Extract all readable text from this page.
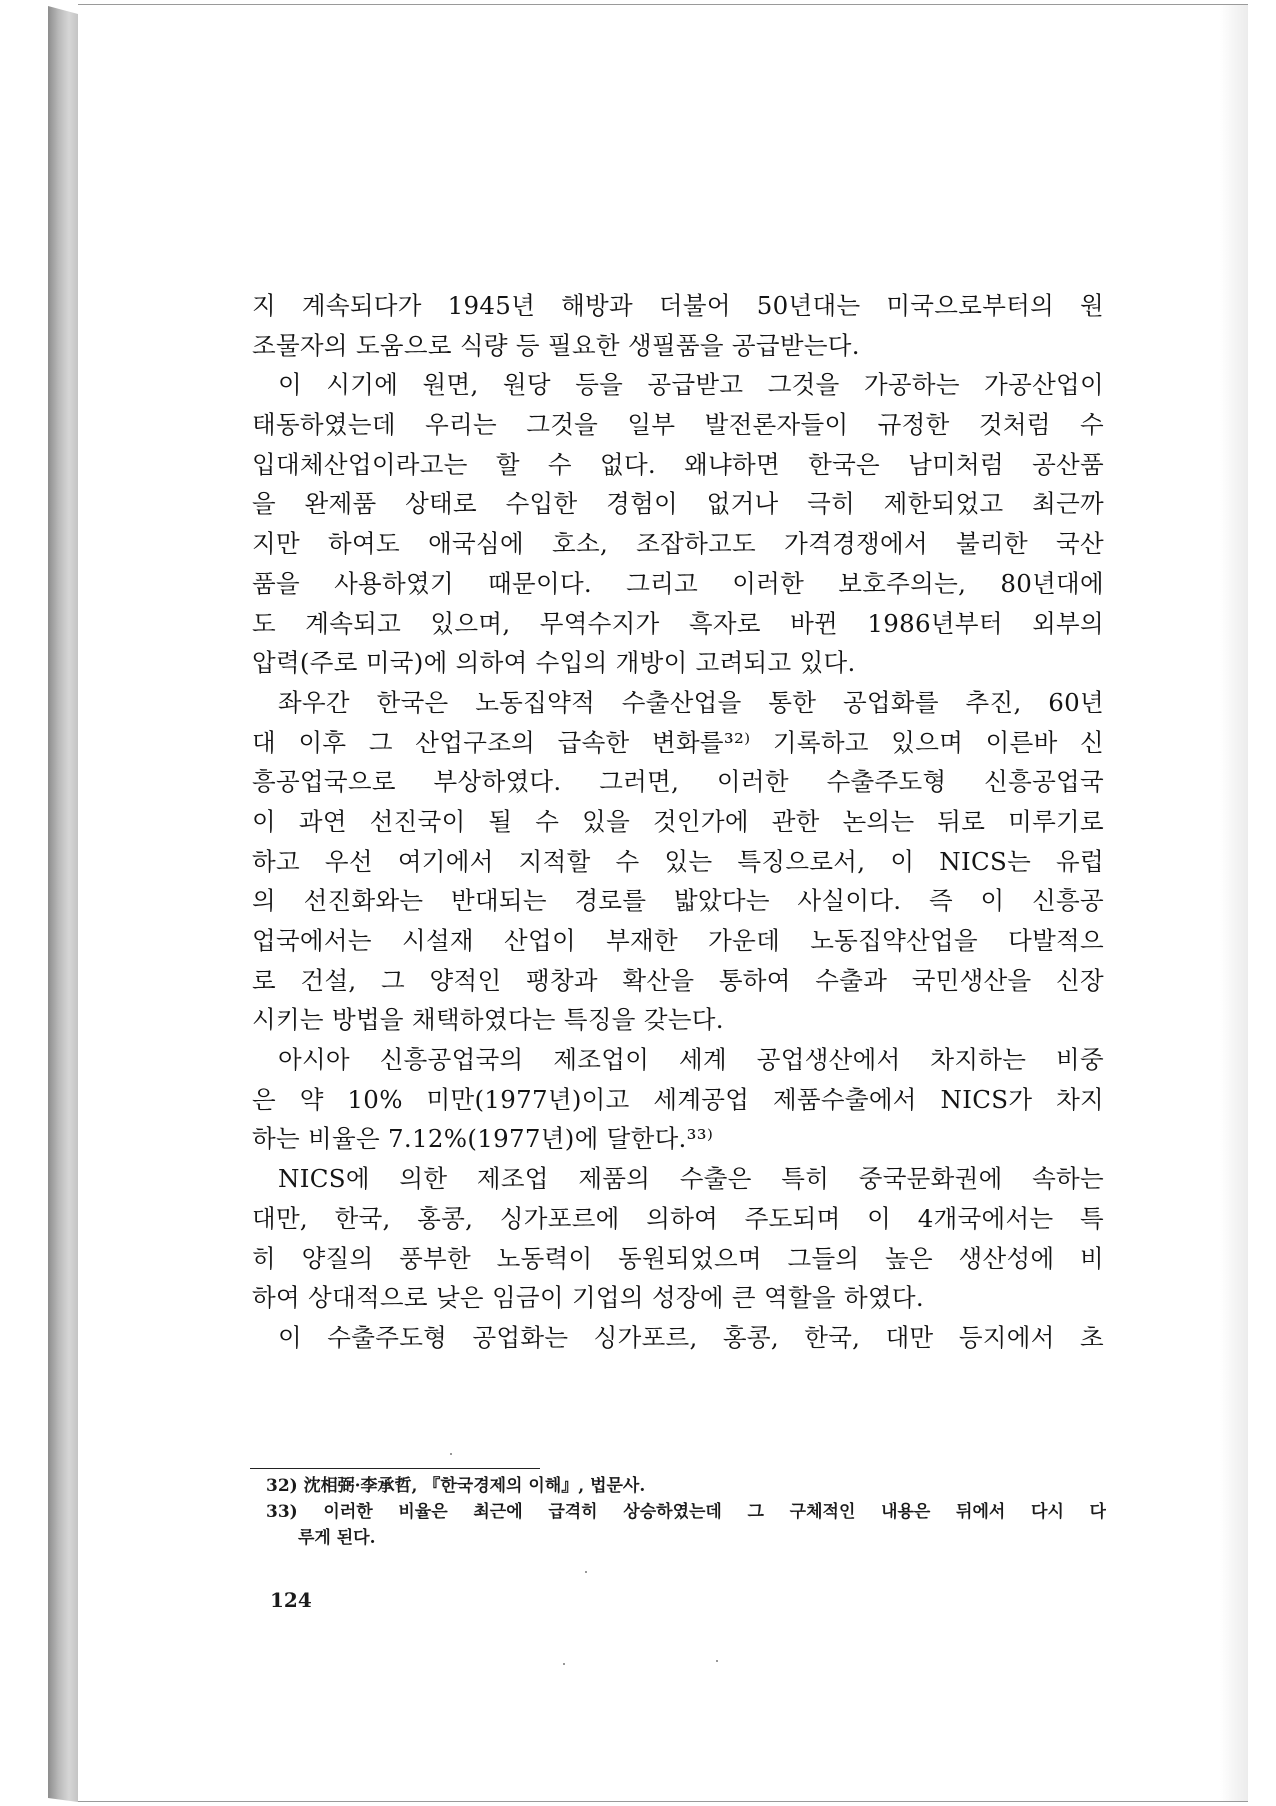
지 계속되다가 1945년 해방과 더불어 50년대는 미국으로부터의 원
조물자의 도움으로 식량 등 필요한 생필품을 공급받는다.
이 시기에 원면, 원당 등을 공급받고 그것을 가공하는 가공산업이
태동하였는데 우리는 그것을 일부 발전론자들이 규정한 것처럼 수
입대체산업이라고는 할 수 없다. 왜냐하면 한국은 남미처럼 공산품
을 완제품 상태로 수입한 경험이 없거나 극히 제한되었고 최근까
지만 하여도 애국심에 호소, 조잡하고도 가격경쟁에서 불리한 국산
품을 사용하였기 때문이다. 그리고 이러한 보호주의는, 80년대에
도 계속되고 있으며, 무역수지가 흑자로 바뀐 1986년부터 외부의
압력(주로 미국)에 의하여 수입의 개방이 고려되고 있다.
좌우간 한국은 노동집약적 수출산업을 통한 공업화를 추진, 60년
대 이후 그 산업구조의 급속한 변화를³²⁾ 기록하고 있으며 이른바 신
흥공업국으로 부상하였다. 그러면, 이러한 수출주도형 신흥공업국
이 과연 선진국이 될 수 있을 것인가에 관한 논의는 뒤로 미루기로
하고 우선 여기에서 지적할 수 있는 특징으로서, 이 NICS는 유럽
의 선진화와는 반대되는 경로를 밟았다는 사실이다. 즉 이 신흥공
업국에서는 시설재 산업이 부재한 가운데 노동집약산업을 다발적으
로 건설, 그 양적인 팽창과 확산을 통하여 수출과 국민생산을 신장
시키는 방법을 채택하였다는 특징을 갖는다.
아시아 신흥공업국의 제조업이 세계 공업생산에서 차지하는 비중
은 약 10% 미만(1977년)이고 세계공업 제품수출에서 NICS가 차지
하는 비율은 7.12%(1977년)에 달한다.³³⁾
NICS에 의한 제조업 제품의 수출은 특히 중국문화권에 속하는
대만, 한국, 홍콩, 싱가포르에 의하여 주도되며 이 4개국에서는 특
히 양질의 풍부한 노동력이 동원되었으며 그들의 높은 생산성에 비
하여 상대적으로 낮은 임금이 기업의 성장에 큰 역할을 하였다.
이 수출주도형 공업화는 싱가포르, 홍콩, 한국, 대만 등지에서 초
32) 沈相弼·李承哲, 『한국경제의 이해』, 법문사.
33) 이러한 비율은 최근에 급격히 상승하였는데 그 구체적인 내용은 뒤에서 다시 다
루게 된다.
124
